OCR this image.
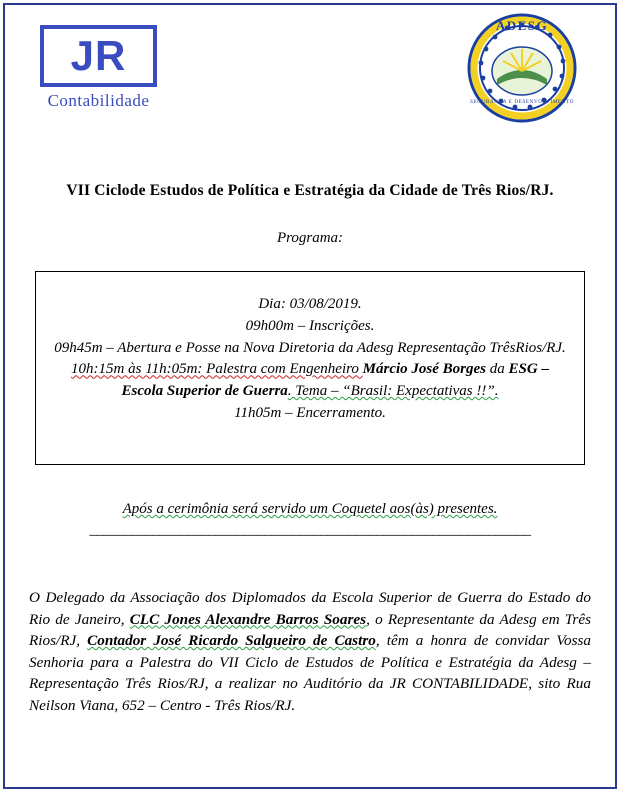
JR
Contabilidade
ADESG
SEGURANCA E DESENVOLVIMENTO
VII Ciclode Estudos de Política e Estratégia da Cidade de Três Rios/RJ.
Programa:
Dia: 03/08/2019.
09h00m – Inscrições.
09h45m – Abertura e Posse na Nova Diretoria da Adesg Representação TrêsRios/RJ.
10h:15m às 11h:05m: Palestra com Engenheiro Márcio José Borges da ESG – Escola Superior de Guerra. Tema – “Brasil: Expectativas !!”.
11h05m – Encerramento.
Após a cerimônia será servido um Coquetel aos(às) presentes.
_______________________________________________________________
O Delegado da Associação dos Diplomados da Escola Superior de Guerra do Estado do Rio de Janeiro, CLC Jones Alexandre Barros Soares, o Representante da Adesg em Três Rios/RJ, Contador José Ricardo Salgueiro de Castro, têm a honra de convidar Vossa Senhoria para a Palestra do VII Ciclo de Estudos de Política e Estratégia da Adesg – Representação Três Rios/RJ, a realizar no Auditório da JR CONTABILIDADE, sito Rua Neilson Viana, 652 – Centro - Três Rios/RJ.
